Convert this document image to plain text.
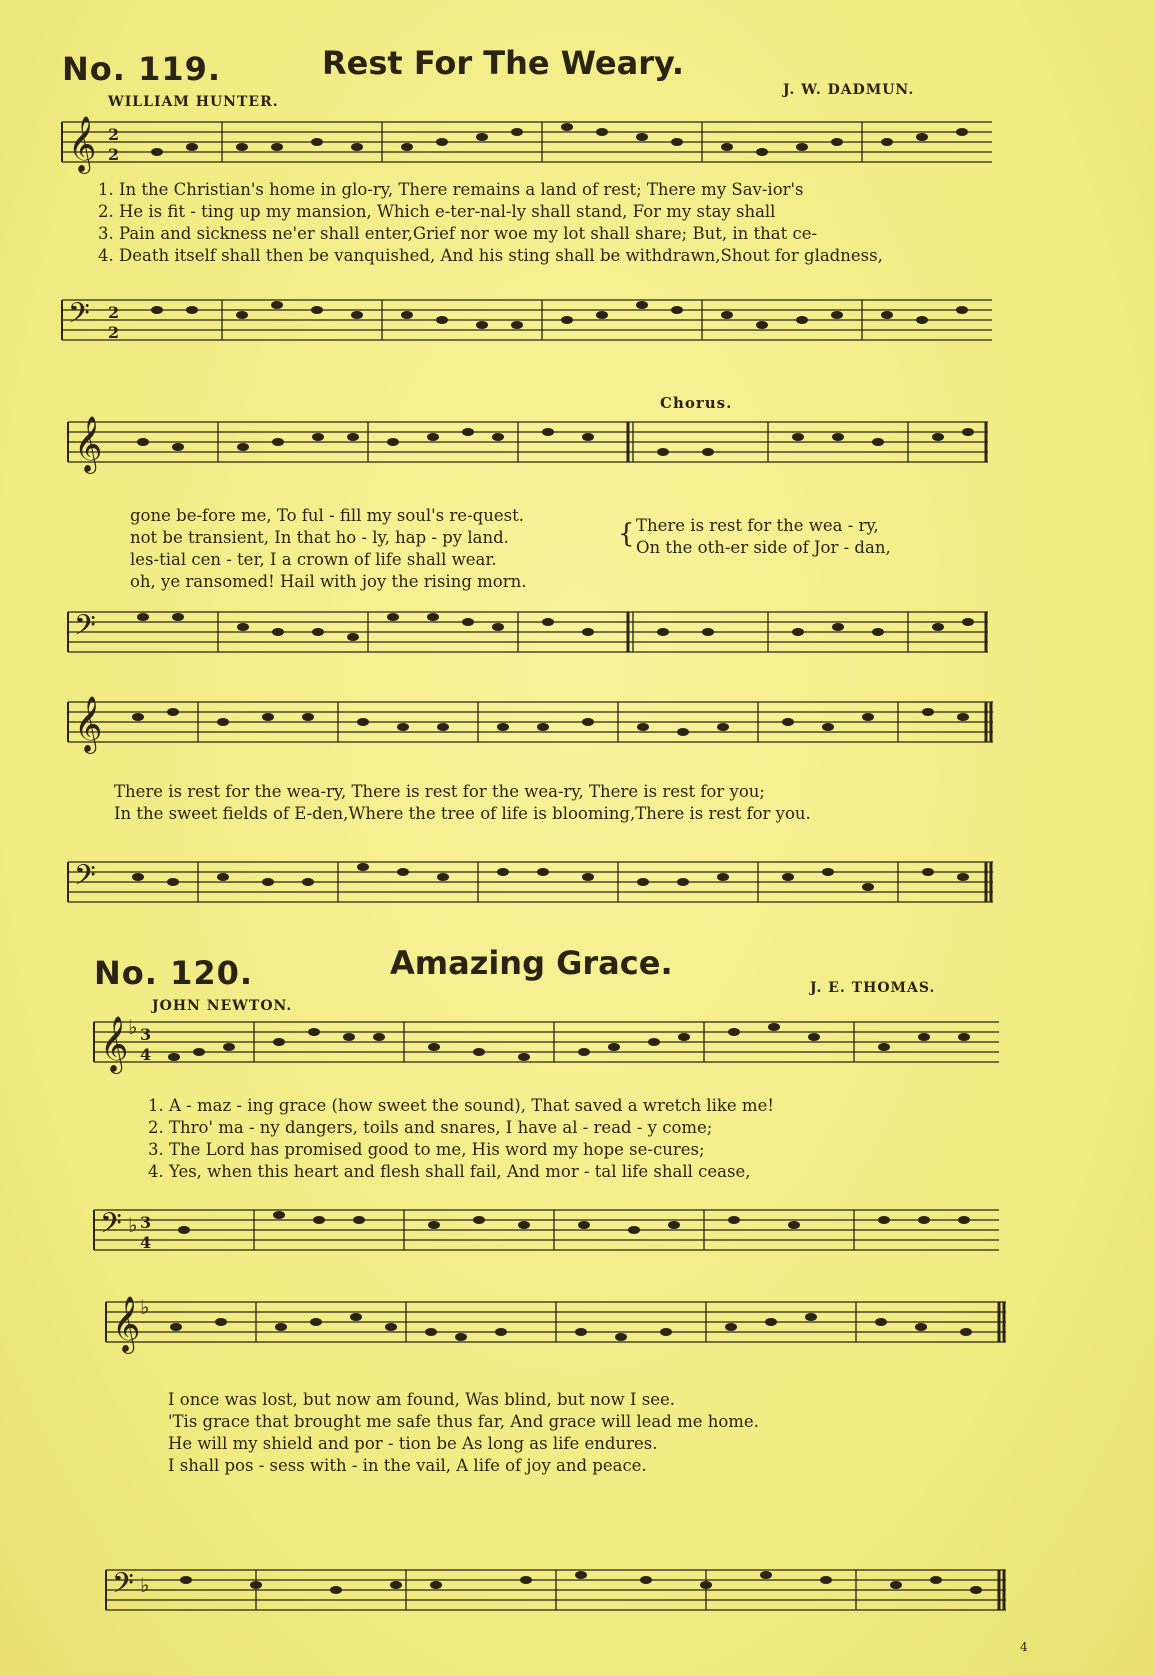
No. 119.	Rest For The Weary.
WILLIAM HUNTER.
J. W. DADMUN.
𝄞 2
2
1. In the Christian's home in glo-ry, There remains a land of rest; There my Sav-ior's
2. He is fit - ting up my mansion, Which e-ter-nal-ly shall stand, For my stay shall
3. Pain and sickness ne'er shall enter,Grief nor woe my lot shall share; But, in that ce-
4. Death itself shall then be vanquished, And his sting shall be withdrawn,Shout for gladness,
𝄢 2
2
Chorus.
𝄞
gone be-fore me, To ful - fill my soul's re-quest.
not be transient, In that ho - ly, hap - py land.
les-tial cen - ter, I a crown of life shall wear.
oh, ye ransomed! Hail with joy the rising morn.
{ There is rest for the wea - ry,
On the oth-er side of Jor - dan,
𝄢
𝄞
There is rest for the wea-ry, There is rest for the wea-ry, There is rest for you;
In the sweet fields of E-den,Where the tree of life is blooming,There is rest for you.
𝄢
No. 120.	Amazing Grace.
JOHN NEWTON.
J. E. THOMAS.
𝄞 ♭ 3
4
1. A - maz - ing grace (how sweet the sound), That saved a wretch like me!
2. Thro' ma - ny dangers, toils and snares, I have al - read - y come;
3. The Lord has promised good to me, His word my hope se-cures;
4. Yes, when this heart and flesh shall fail, And mor - tal life shall cease,
𝄢 ♭ 3
4
𝄞 ♭
I once was lost, but now am found, Was blind, but now I see.
'Tis grace that brought me safe thus far, And grace will lead me home.
He will my shield and por - tion be As long as life endures.
I shall pos - sess with - in the vail, A life of joy and peace.
𝄢 ♭
4
